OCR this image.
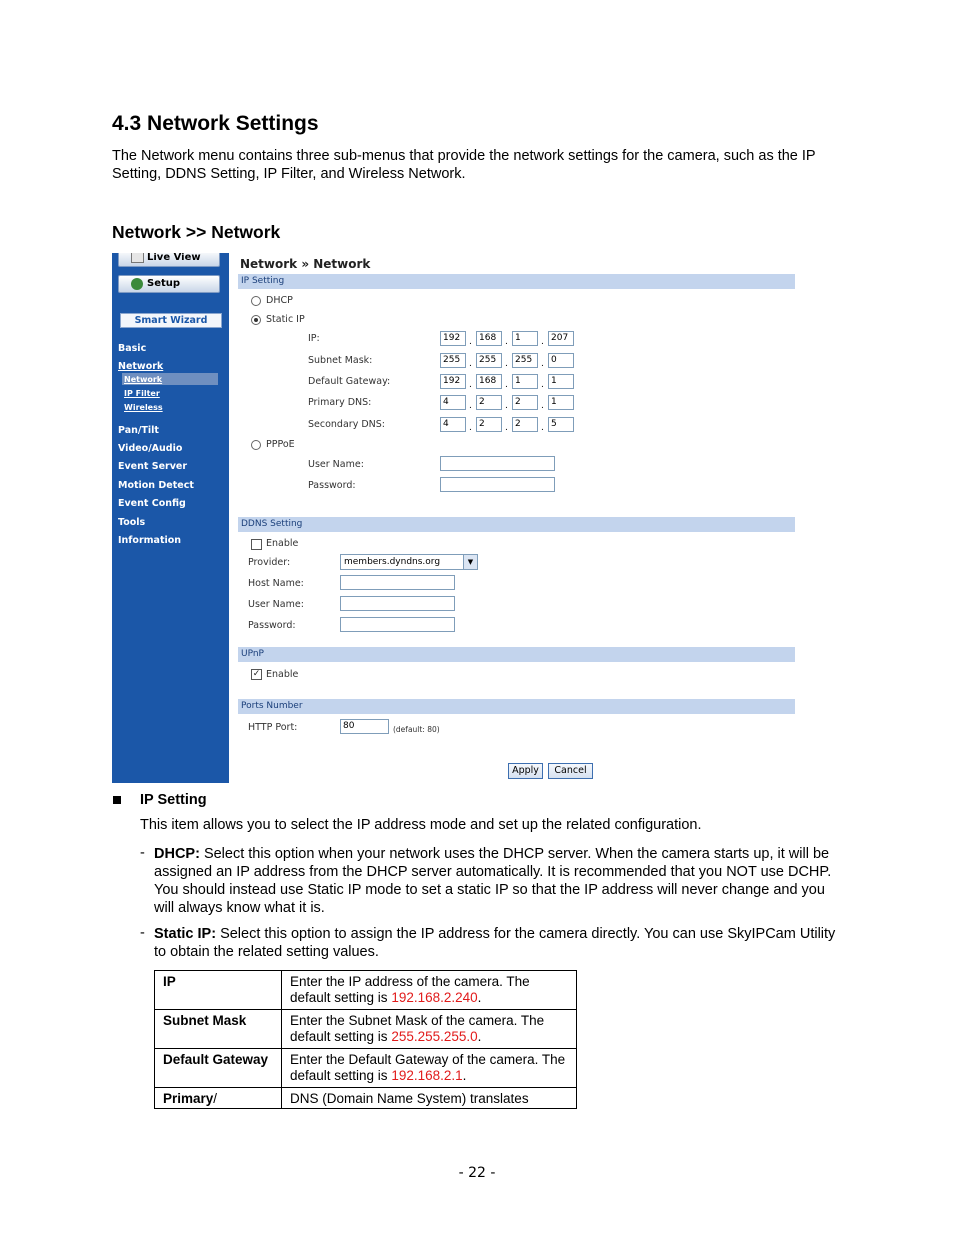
4.3 Network Settings

The Network menu contains three sub-menus that provide the network settings for the camera, such as the IP Setting, DDNS Setting, IP Filter, and Wireless Network.

Network >> Network
Live View
Setup
Smart Wizard
Basic
Network
Network
IP Filter
Wireless
Pan/Tilt
Video/Audio
Event Server
Motion Detect
Event Config
Tools
Information
Network » Network
IP Setting
DHCP
Static IP
IP:	192 . 168 . 1	. 207
Subnet Mask:	255 . 255 . 255 . 0
Default Gateway:	192 . 168 . 1	. 1
Primary DNS:	4	. 2	. 2	. 1
Secondary DNS:	4	. 2	. 2	. 5
PPPoE
User Name:
Password:
DDNS Setting
Enable
Provider:	members.dyndns.org	▼
Host Name:
User Name:
Password:
UPnP
✓ Enable
Ports Number
HTTP Port:	80	(default: 80)
Apply	Cancel
IP Setting

This item allows you to select the IP address mode and set up the related configuration.

- DHCP: Select this option when your network uses the DHCP server. When the camera starts up, it will be assigned an IP address from the DHCP server automatically. It is recommended that you NOT use DCHP. You should instead use Static IP mode to set a static IP so that the IP address will never change and you will always know what it is.

- Static IP: Select this option to assign the IP address for the camera directly. You can use SkyIPCam Utility to obtain the related setting values.

IP	Enter the IP address of the camera. The default setting is 192.168.2.240.
Subnet Mask	Enter the Subnet Mask of the camera. The default setting is 255.255.255.0.
Default Gateway	Enter the Default Gateway of the camera. The default setting is 192.168.2.1.
Primary/	DNS (Domain Name System) translates
- 22 -
